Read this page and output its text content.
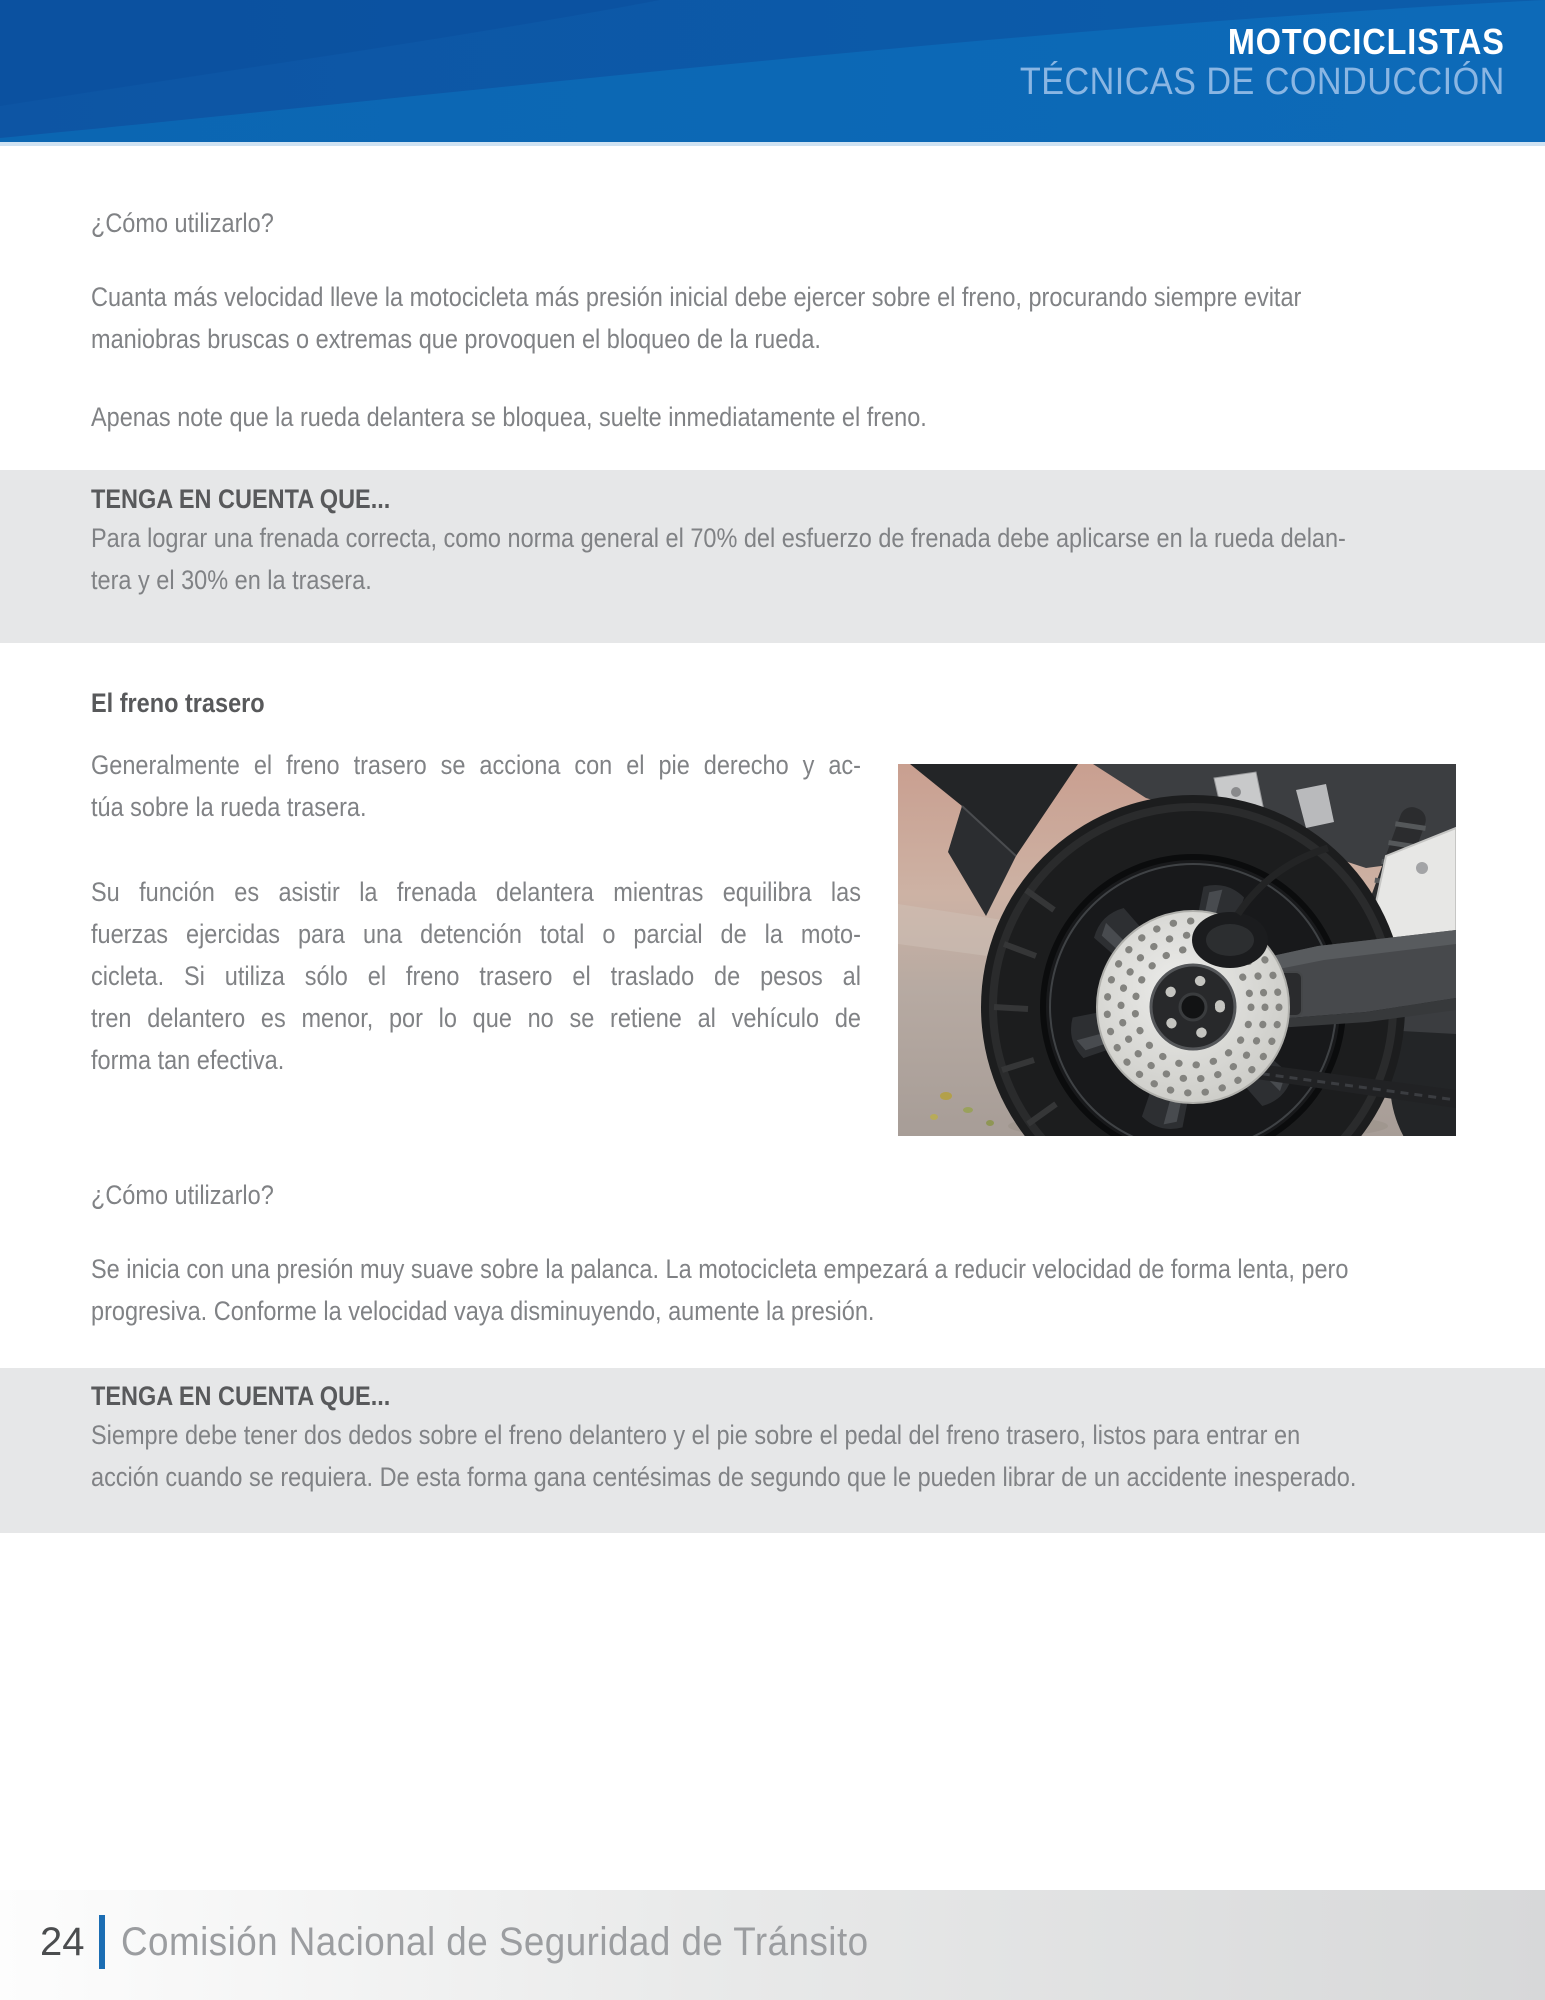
MOTOCICLISTAS
TÉCNICAS DE CONDUCCIÓN
¿Cómo utilizarlo?
Cuanta más velocidad lleve la motocicleta más presión inicial debe ejercer sobre el freno, procurando siempre evitar
maniobras bruscas o extremas que provoquen el bloqueo de la rueda.
Apenas note que la rueda delantera se bloquea, suelte inmediatamente el freno.
TENGA EN CUENTA QUE...
Para lograr una frenada correcta, como norma general el 70% del esfuerzo de frenada debe aplicarse en la rueda delan-
tera y el 30% en la trasera.
El freno trasero
Generalmente el freno trasero se acciona con el pie derecho y ac-
túa sobre la rueda trasera.
Su función es asistir la frenada delantera mientras equilibra las
fuerzas ejercidas para una detención total o parcial de la moto-
cicleta. Si utiliza sólo el freno trasero el traslado de pesos al
tren delantero es menor, por lo que no se retiene al vehículo de
forma tan efectiva.
¿Cómo utilizarlo?
Se inicia con una presión muy suave sobre la palanca. La motocicleta empezará a reducir velocidad de forma lenta, pero
progresiva. Conforme la velocidad vaya disminuyendo, aumente la presión.
TENGA EN CUENTA QUE...
Siempre debe tener dos dedos sobre el freno delantero y el pie sobre el pedal del freno trasero, listos para entrar en
acción cuando se requiera. De esta forma gana centésimas de segundo que le pueden librar de un accidente inesperado.
24 Comisión Nacional de Seguridad de Tránsito
